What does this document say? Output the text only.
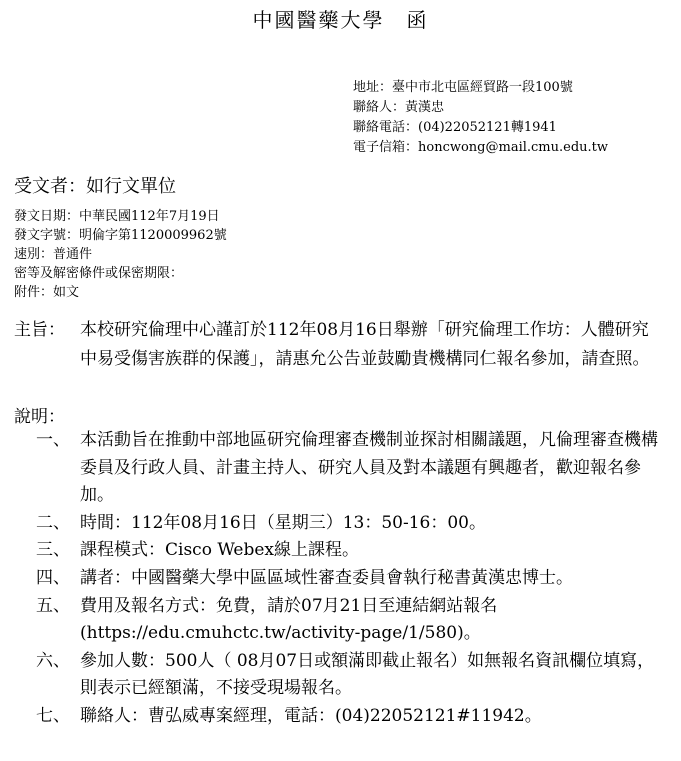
中國醫藥大學　函
地址：臺中市北屯區經貿路一段100號
聯絡人：黃漢忠
聯絡電話：(04)22052121轉1941
電子信箱：honcwong@mail.cmu.edu.tw
受文者：如行文單位
發文日期：中華民國112年7月19日
發文字號：明倫字第1120009962號
速別：普通件
密等及解密條件或保密期限：
附件：如文
主旨： 本校研究倫理中心謹訂於112年08月16日舉辦「研究倫理工作坊：人體研究中易受傷害族群的保護」，請惠允公告並鼓勵貴機構同仁報名參加，請查照。
說明：
一、 本活動旨在推動中部地區研究倫理審查機制並探討相關議題，凡倫理審查機構委員及行政人員、計畫主持人、研究人員及對本議題有興趣者，歡迎報名參加。
二、 時間：112年08月16日（星期三）13：50-16：00。
三、 課程模式：Cisco Webex線上課程。
四、 講者：中國醫藥大學中區區域性審查委員會執行秘書黃漢忠博士。
五、 費用及報名方式：免費，請於07月21日至連結網站報名(https://edu.cmuhctc.tw/activity-page/1/580)。
六、 參加人數：500人（ 08月07日或額滿即截止報名）如無報名資訊欄位填寫，則表示已經額滿，不接受現場報名。
七、 聯絡人：曹弘威專案經理，電話：(04)22052121#11942。
